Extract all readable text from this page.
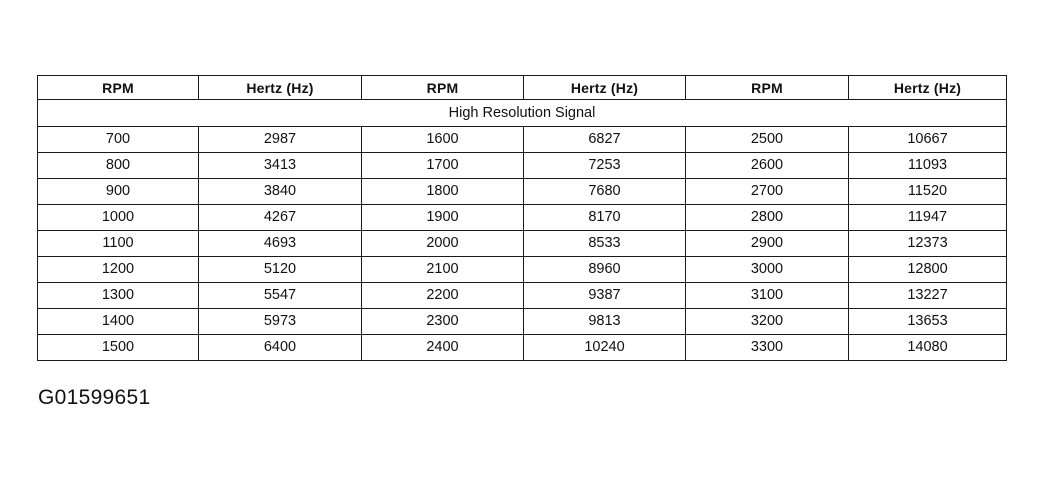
RPM	Hertz (Hz)	RPM	Hertz (Hz)	RPM	Hertz (Hz)
High Resolution Signal					
700	2987	1600	6827	2500	10667
800	3413	1700	7253	2600	11093
900	3840	1800	7680	2700	11520
1000	4267	1900	8170	2800	11947
1100	4693	2000	8533	2900	12373
1200	5120	2100	8960	3000	12800
1300	5547	2200	9387	3100	13227
1400	5973	2300	9813	3200	13653
1500	6400	2400	10240	3300	14080
G01599651
